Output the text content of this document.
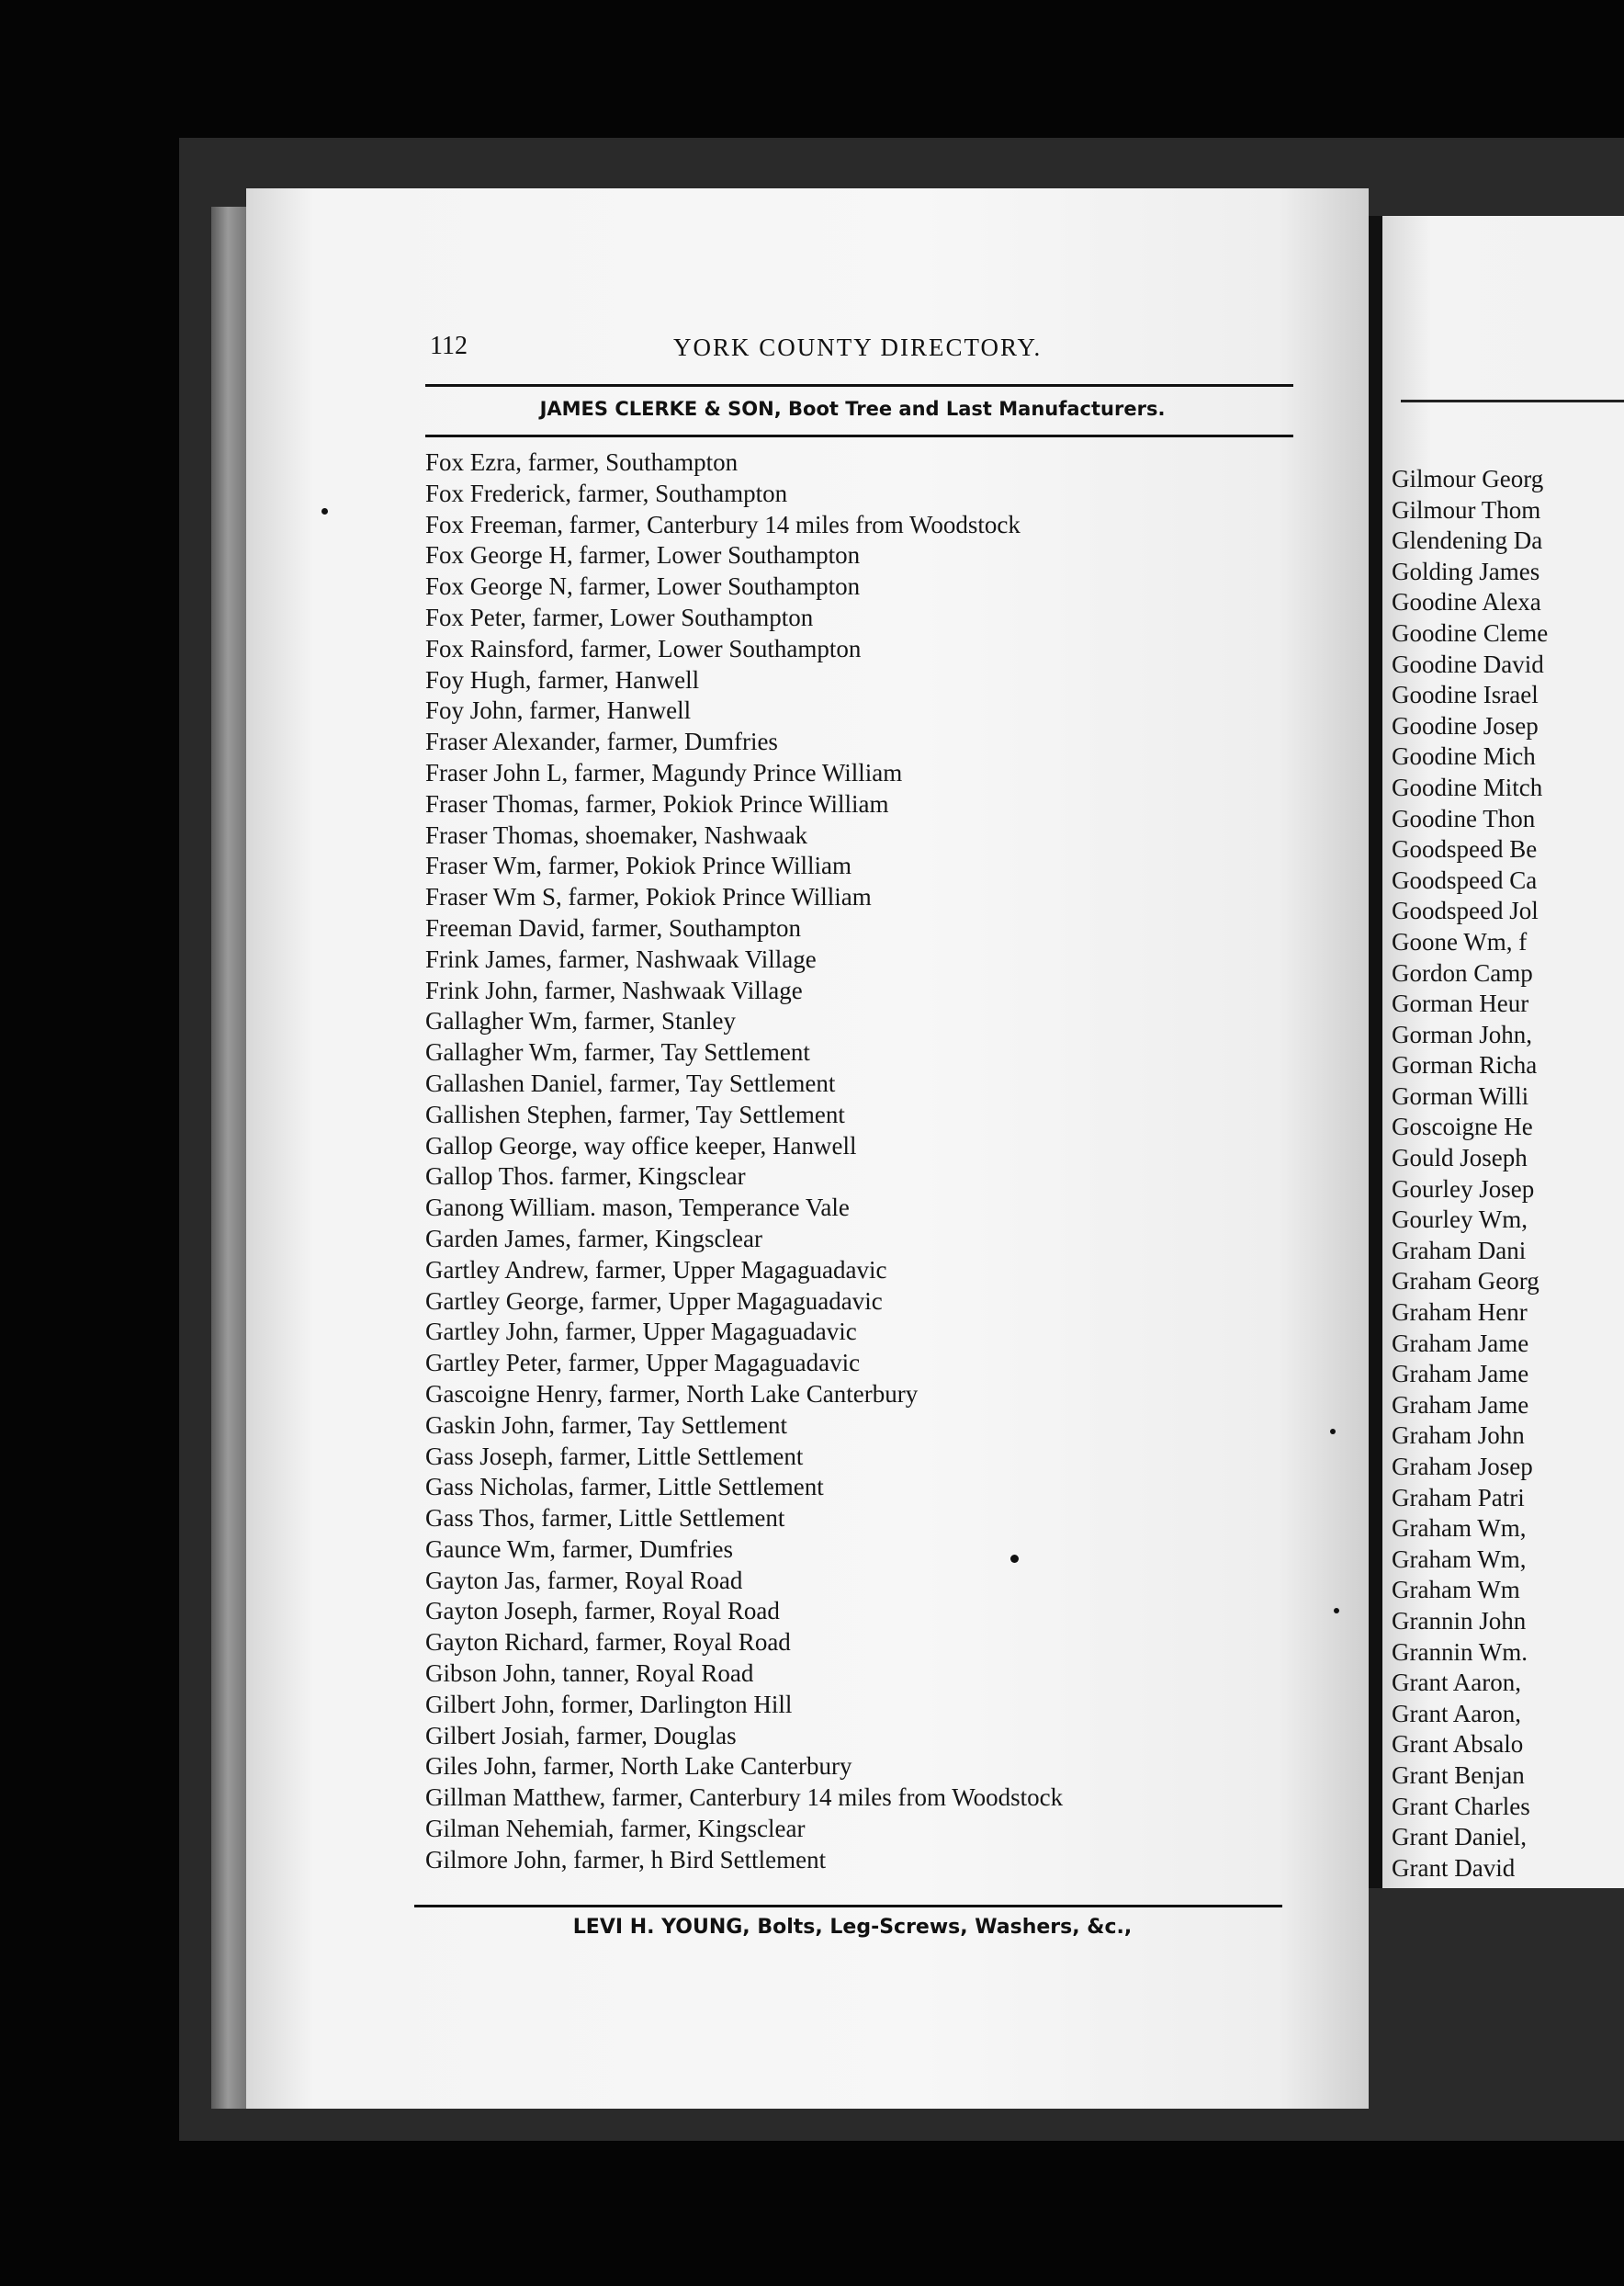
112	YORK COUNTY DIRECTORY.
JAMES CLERKE & SON, Boot Tree and Last Manufacturers.
Fox Ezra, farmer, Southampton
Fox Frederick, farmer, Southampton
Fox Freeman, farmer, Canterbury 14 miles from Woodstock
Fox George H, farmer, Lower Southampton
Fox George N, farmer, Lower Southampton
Fox Peter, farmer, Lower Southampton
Fox Rainsford, farmer, Lower Southampton
Foy Hugh, farmer, Hanwell
Foy John, farmer, Hanwell
Fraser Alexander, farmer, Dumfries
Fraser John L, farmer, Magundy Prince William
Fraser Thomas, farmer, Pokiok Prince William
Fraser Thomas, shoemaker, Nashwaak
Fraser Wm, farmer, Pokiok Prince William
Fraser Wm S, farmer, Pokiok Prince William
Freeman David, farmer, Southampton
Frink James, farmer, Nashwaak Village
Frink John, farmer, Nashwaak Village
Gallagher Wm, farmer, Stanley
Gallagher Wm, farmer, Tay Settlement
Gallashen Daniel, farmer, Tay Settlement
Gallishen Stephen, farmer, Tay Settlement
Gallop George, way office keeper, Hanwell
Gallop Thos. farmer, Kingsclear
Ganong William. mason, Temperance Vale
Garden James, farmer, Kingsclear
Gartley Andrew, farmer, Upper Magaguadavic
Gartley George, farmer, Upper Magaguadavic
Gartley John, farmer, Upper Magaguadavic
Gartley Peter, farmer, Upper Magaguadavic
Gascoigne Henry, farmer, North Lake Canterbury
Gaskin John, farmer, Tay Settlement
Gass Joseph, farmer, Little Settlement
Gass Nicholas, farmer, Little Settlement
Gass Thos, farmer, Little Settlement
Gaunce Wm, farmer, Dumfries
Gayton Jas, farmer, Royal Road
Gayton Joseph, farmer, Royal Road
Gayton Richard, farmer, Royal Road
Gibson John, tanner, Royal Road
Gilbert John, former, Darlington Hill
Gilbert Josiah, farmer, Douglas
Giles John, farmer, North Lake Canterbury
Gillman Matthew, farmer, Canterbury 14 miles from Woodstock
Gilman Nehemiah, farmer, Kingsclear
Gilmore John, farmer, h Bird Settlement
LEVI H. YOUNG, Bolts, Leg-Screws, Washers, &c.,
Gilmour Georg
Gilmour Thom
Glendening Da
Golding James
Goodine Alexa
Goodine Cleme
Goodine David
Goodine Israel
Goodine Josep
Goodine Mich
Goodine Mitch
Goodine Thon
Goodspeed Be
Goodspeed Ca
Goodspeed Jol
Goone Wm, f
Gordon Camp
Gorman Heur
Gorman John,
Gorman Richa
Gorman Willi
Goscoigne He
Gould Joseph
Gourley Josep
Gourley Wm,
Graham Dani
Graham Georg
Graham Henr
Graham Jame
Graham Jame
Graham Jame
Graham John
Graham Josep
Graham Patri
Graham Wm,
Graham Wm,
Graham Wm
Grannin John
Grannin Wm.
Grant Aaron,
Grant Aaron,
Grant Absalo
Grant Benjan
Grant Charles
Grant Daniel,
Grant David
